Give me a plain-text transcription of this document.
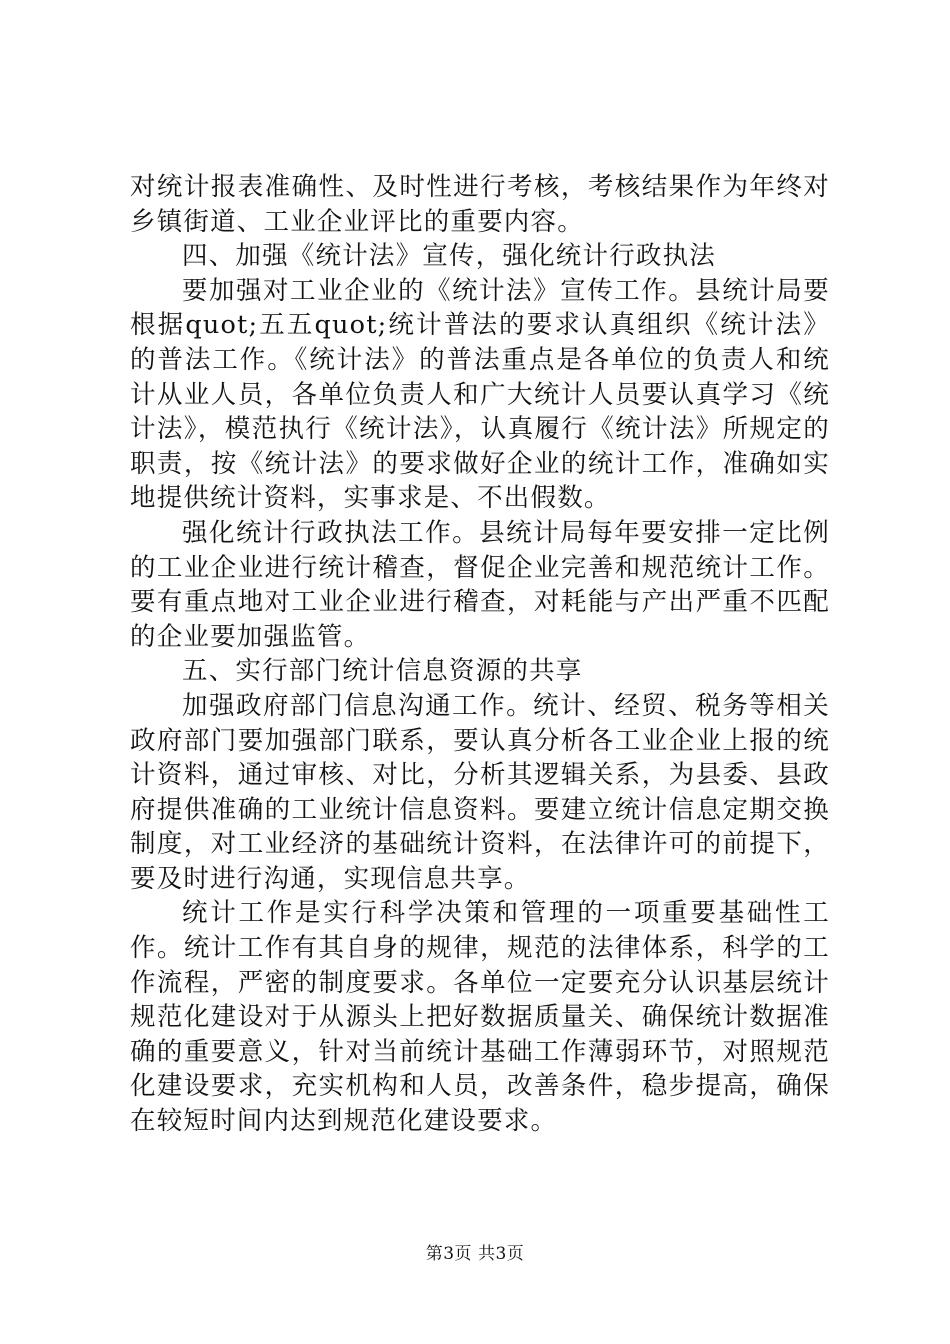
对统计报表准确性、及时性进行考核，考核结果作为年终对乡镇街道、工业企业评比的重要内容。

四、加强《统计法》宣传，强化统计行政执法

要加强对工业企业的《统计法》宣传工作。县统计局要根据quot;五五quot;统计普法的要求认真组织《统计法》的普法工作。《统计法》的普法重点是各单位的负责人和统计从业人员，各单位负责人和广大统计人员要认真学习《统计法》，模范执行《统计法》，认真履行《统计法》所规定的职责，按《统计法》的要求做好企业的统计工作，准确如实地提供统计资料，实事求是、不出假数。

强化统计行政执法工作。县统计局每年要安排一定比例的工业企业进行统计稽查，督促企业完善和规范统计工作。要有重点地对工业企业进行稽查，对耗能与产出严重不匹配的企业要加强监管。

五、实行部门统计信息资源的共享

加强政府部门信息沟通工作。统计、经贸、税务等相关政府部门要加强部门联系，要认真分析各工业企业上报的统计资料，通过审核、对比，分析其逻辑关系，为县委、县政府提供准确的工业统计信息资料。要建立统计信息定期交换制度，对工业经济的基础统计资料，在法律许可的前提下，要及时进行沟通，实现信息共享。

统计工作是实行科学决策和管理的一项重要基础性工作。统计工作有其自身的规律，规范的法律体系，科学的工作流程，严密的制度要求。各单位一定要充分认识基层统计规范化建设对于从源头上把好数据质量关、确保统计数据准确的重要意义，针对当前统计基础工作薄弱环节，对照规范化建设要求，充实机构和人员，改善条件，稳步提高，确保在较短时间内达到规范化建设要求。

第3页 共3页
